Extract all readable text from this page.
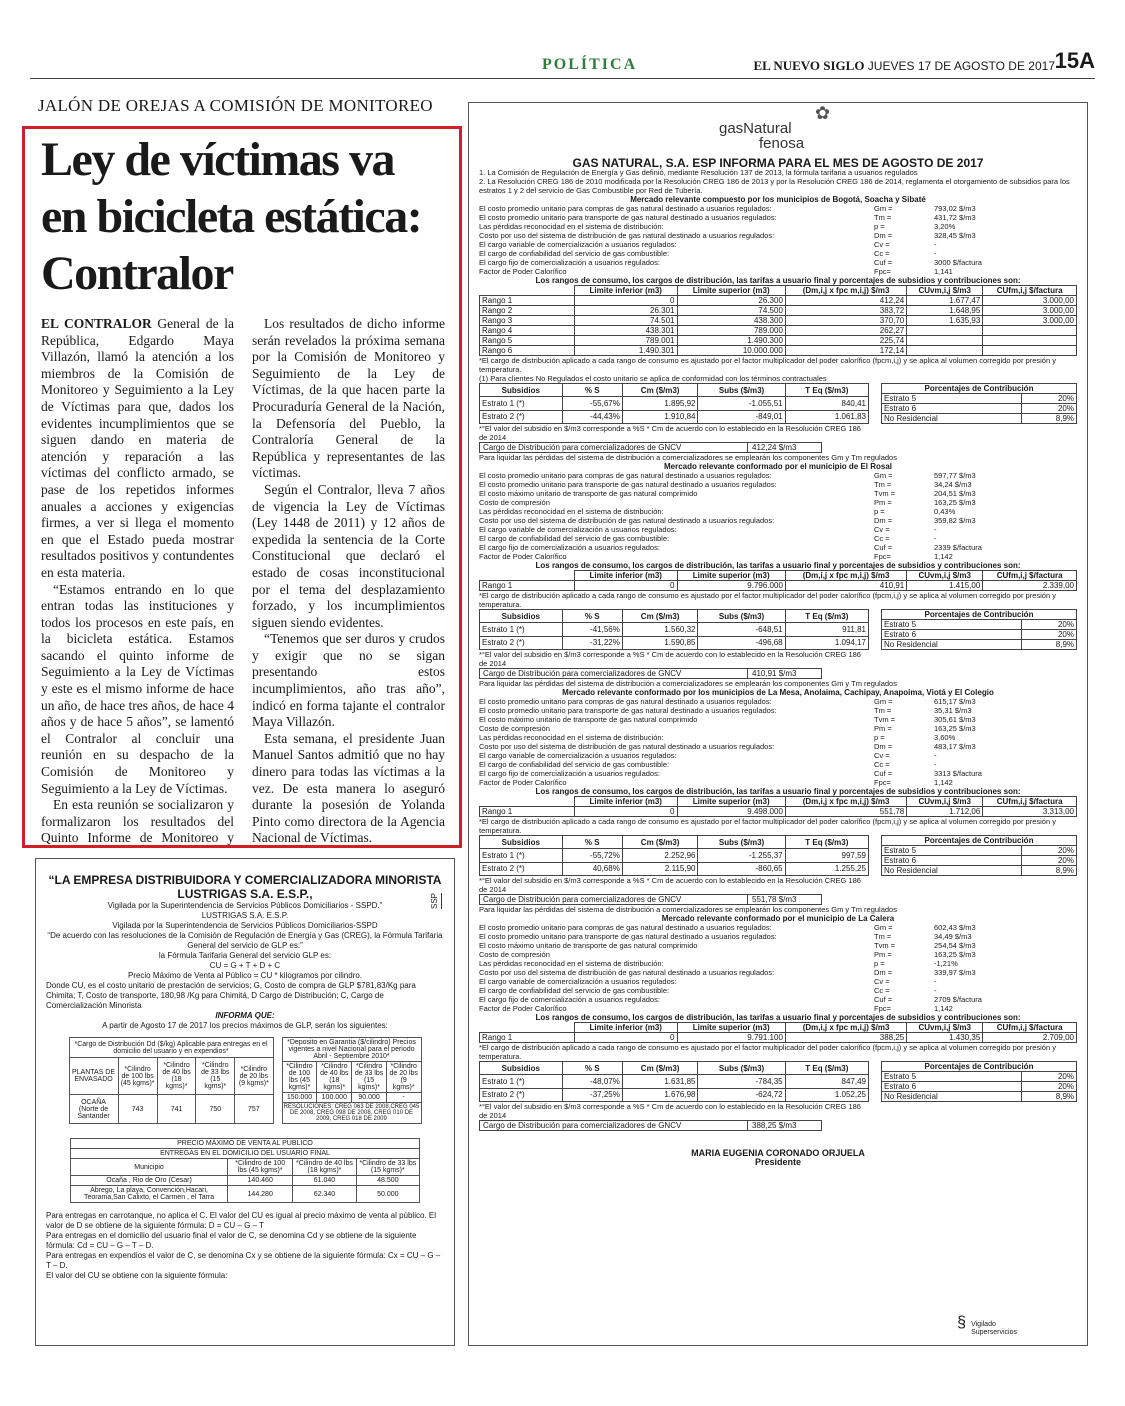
POLÍTICA	EL NUEVO SIGLO JUEVES 17 DE AGOSTO DE 2017 15A
JALÓN DE OREJAS A COMISIÓN DE MONITOREO
Ley de víctimas va en bicicleta estática: Contralor

EL CONTRALOR General de la República, Edgardo Maya Villazón, llamó la atención a los miembros de la Comisión de Monitoreo y Seguimiento a la Ley de Víctimas para que, dados los evidentes incumplimientos que se siguen dando en materia de atención y reparación a las víctimas del conflicto armado, se pase de los repetidos informes anuales a acciones y exigencias firmes, a ver si llega el momento en que el Estado pueda mostrar resultados positivos y contundentes en esta materia.

“Estamos entrando en lo que entran todas las instituciones y todos los procesos en este país, en la bicicleta estática. Estamos sacando el quinto informe de Seguimiento a la Ley de Víctimas y este es el mismo informe de hace un año, de hace tres años, de hace 4 años y de hace 5 años”, se lamentó el Contralor al concluir una reunión en su despacho de la Comisión de Monitoreo y Seguimiento a la Ley de Víctimas.

En esta reunión se socializaron y formalizaron los resultados del Quinto Informe de Monitoreo y

Los resultados de dicho informe serán revelados la próxima semana por la Comisión de Monitoreo y Seguimiento de la Ley de Víctimas, de la que hacen parte la Procuraduría General de la Nación, la Defensoría del Pueblo, la Contraloría General de la República y representantes de las víctimas.

Según el Contralor, lleva 7 años de vigencia la Ley de Víctimas (Ley 1448 de 2011) y 12 años de expedida la sentencia de la Corte Constitucional que declaró el estado de cosas inconstitucional por el tema del desplazamiento forzado, y los incumplimientos siguen siendo evidentes.

“Tenemos que ser duros y crudos y exigir que no se sigan presentando estos incumplimientos, año tras año”, indicó en forma tajante el contralor Maya Villazón.

Esta semana, el presidente Juan Manuel Santos admitió que no hay dinero para todas las víctimas a la vez. De esta manera lo aseguró durante la posesión de Yolanda Pinto como directora de la Agencia Nacional de Víctimas.

SSP
“LA EMPRESA DISTRIBUIDORA Y COMERCIALIZADORA MINORISTA
LUSTRIGAS S.A. E.S.P.,
Vigilada por la Superintendencia de Servicios Públicos Domiciliarios - SSPD.”
LUSTRIGAS S.A. E.S.P.
Vigilada por la Superintendencia de Servicios Públicos Domiciliarios-SSPD
“De acuerdo con las resoluciones de la Comisión de Regulación de Energía y Gas (CREG), la Fórmula Tarifaria General del servicio de GLP es:”
la Fórmula Tarifaria General del servicio GLP es:
CU = G + T + D + C
Precio Máximo de Venta al Público = CU * kilogramos por cilindro.
Donde CU, es el costo unitario de prestación de servicios; G, Costo de compra de GLP $781,83/Kg para Chimita; T, Costo de transporte, 180,98 /Kg para Chimitá, D Cargo de Distribución; C, Cargo de Comercialización Minorista
INFORMA QUE:
A partir de Agosto 17 de 2017 los precios máximos de GLP, serán los siguientes:
*Cargo de Distribución Dd ($/kg) Aplicable para entregas en el domicilio del usuario y en expendios*				
PLANTAS DE ENVASADO	*Cilindro de 100 lbs (45 kgms)*	*Cilindro de 40 lbs (18 kgms)*	*Cilindro de 33 lbs (15 kgms)*	*Cilindro de 20 lbs (9 kgms)*
OCAÑA (Norte de Santander	743	741	750	757
*Deposito en Garantia ($/cilindro) Precios vigentes a nivel Nacional para el periodo Abril - Septiembre 2010*			
*Cilindro de 100 lbs (45 kgms)*	*Cilindro de 40 lbs (18 kgms)*	*Cilindro de 33 lbs (15 kgms)*	*Cilindro de 20 lbs (9 kgms)*
150.000	100.000	90.000	-
RESOLUCIONES: CREG 063 DE 2008,CREG 045 DE 2008, CREG 098 DE 2008, CREG 010 DE 2009, CREG 018 DE 2009
PRECIO MÁXIMO DE VENTA AL PÚBLICO			
ENTREGAS EN EL DOMICILIO DEL USUARIO FINAL			
Municipio	*Cilindro de 100 lbs (45 kgms)*	*Cilindro de 40 lbs (18 kgms)*	*Cilindro de 33 lbs (15 kgms)*
Ocaña , Rio de Oro (Cesar)	140.460	61.040	48.500
Abrego, La playa, Convención,Hacari, Teorama,San Calixto, el Carmen , el Tarra	144.280	62.340	50.000
Para entregas en carrotanque, no aplica el C. El valor del CU es igual al precio máximo de venta al público. El valor de D se obtiene de la siguiente fórmula: D = CU – G – T
Para entregas en el domicilio del usuario final el valor de C, se denomina Cd y se obtiene de la siguiente fórmula: Cd = CU – G – T – D.
Para entregas en expendios el valor de C, se denomina Cx y se obtiene de la siguiente fórmula: Cx = CU – G – T – D.
El valor del CU se obtiene con la siguiente fórmula:
✿
gasNatural
fenosa
GAS NATURAL, S.A. ESP INFORMA PARA EL MES DE AGOSTO DE 2017
1. La Comisión de Regulación de Energía y Gas definió, mediante Resolución 137 de 2013, la fórmula tarifaria a usuarios regulados
2. La Resolución CREG 186 de 2010 modificada por la Resolución CREG 186 de 2013 y por la Resolución CREG 186 de 2014, reglamenta el otorgamiento de subsidios para los estratos 1 y 2 del servicio de Gas Combustible por Red de Tubería.
Mercado relevante compuesto por los municipios de Bogotá, Soacha y Sibaté
El costo promedio unitario para compras de gas natural destinado a usuarios regulados:	Gm =	793,02 $/m3
El costo promedio unitario para transporte de gas natural destinado a usuarios regulados:	Tm =	431,72 $/m3
Las pérdidas reconocidad en el sistema de distribución:	p =	3,20%
Costo por uso del sistema de distribución de gas natural destinado a usuarios regulados:	Dm =	328,45 $/m3
El cargo variable de comercialización a usuarios regulados:	Cv =	-
El cargo de confiabilidad del servicio de gas combustible:	Cc =	-
El cargo fijo de comercialización a usuarios regulados:	Cuf =	3000 $/factura
Factor de Poder Calorífico	Fpc=	1,141
Los rangos de consumo, los cargos de distribución, las tarifas a usuario final y porcentajes de subsidios y contribuciones son:
	Limite inferior (m3)	Limite superior (m3)	(Dm,i,j x fpc m,i,j) $/m3	CUvm,i,j $/m3	CUfm,i,j $/factura
Rango 1	0	26.300	412,24	1.677,47	3.000,00
Rango 2	26.301	74.500	383,72	1.648,95	3.000,00
Rango 3	74.501	438.300	370,70	1.635,93	3.000,00
Rango 4	438.301	789.000	262,27		
Rango 5	789.001	1.490.300	225,74		
Rango 6	1.490.301	10.000.000	172,14		
*El cargo de distribución aplicado a cada rango de consumo es ajustado por el factor multiplicador del poder calorífico (fpcm,i,j) y se aplica al volumen corregido por presión y temperatura.
(1) Para clientes No Regulados el costo unitario se aplica de conformidad con los términos contractuales
Subsidios	% S	Cm ($/m3)	Subs ($/m3)	T Eq ($/m3)
Estrato 1 (*)	-55,67%	1.895,92	-1.055,51	840,41
Estrato 2 (*)	-44,43%	1.910,84	-849,01	1.061,83
Porcentajes de Contribución	
Estrato 5	20%
Estrato 6	20%
No Residencial	8,9%
*°El valor del subsidio en $/m3 corresponde a %S * Cm de acuerdo con lo establecido en la Resolución CREG 186 de 2014
Cargo de Distribución para comercializadores de GNCV	412,24 $/m3
Para liquidar las pérdidas del sistema de distribución a comercializadores se emplearán los componentes Gm y Tm regulados
Mercado relevante conformado por el municipio de El Rosal
El costo promedio unitario para compras de gas natural destinado a usuarios regulados:	Gm =	597,77 $/m3
El costo promedio unitario para transporte de gas natural destinado a usuarios regulados:	Tm =	34,24 $/m3
El costo máximo unitario de transporte de gas natural comprimido	Tvm =	204,51 $/m3
Costo de compresión	Pm =	163,25 $/m3
Las pérdidas reconocidad en el sistema de distribución:	p =	0,43%
Costo por uso del sistema de distribución de gas natural destinado a usuarios regulados:	Dm =	359,82 $/m3
El cargo variable de comercialización a usuarios regulados:	Cv =	-
El cargo de confiabilidad del servicio de gas combustible:	Cc =	-
El cargo fijo de comercialización a usuarios regulados:	Cuf =	2339 $/factura
Factor de Poder Calorífico	Fpc=	1,142
Los rangos de consumo, los cargos de distribución, las tarifas a usuario final y porcentajes de subsidios y contribuciones son:
	Limite inferior (m3)	Limite superior (m3)	(Dm,i,j x fpc m,i,j) $/m3	CUvm,i,j $/m3	CUfm,i,j $/factura
Rango 1	0	9.796.000	410,91	1.415,00	2.339,00
*El cargo de distribución aplicado a cada rango de consumo es ajustado por el factor multiplicador del poder calorífico (fpcm,i,j) y se aplica al volumen corregido por presión y temperatura.
Subsidios	% S	Cm ($/m3)	Subs ($/m3)	T Eq ($/m3)
Estrato 1 (*)	-41,56%	1.560,32	-648,51	911,81
Estrato 2 (*)	-31,22%	1.590,85	-496,68	1.094,17
Porcentajes de Contribución	
Estrato 5	20%
Estrato 6	20%
No Residencial	8,9%
*°El valor del subsidio en $/m3 corresponde a %S * Cm de acuerdo con lo establecido en la Resolución CREG 186 de 2014
Cargo de Distribución para comercializadores de GNCV	410,91 $/m3
Para liquidar las pérdidas del sistema de distribución a comercializadores se emplearán los componentes Gm y Tm regulados
Mercado relevante conformado por los municipios de La Mesa, Anolaima, Cachipay, Anapoima, Viotá y El Colegio
El costo promedio unitario para compras de gas natural destinado a usuarios regulados:	Gm =	615,17 $/m3
El costo promedio unitario para transporte de gas natural destinado a usuarios regulados:	Tm =	35,31 $/m3
El costo máximo unitario de transporte de gas natural comprimido	Tvm =	305,61 $/m3
Costo de compresión	Pm =	163,25 $/m3
Las pérdidas reconocidad en el sistema de distribución:	p =	3,60%
Costo por uso del sistema de distribución de gas natural destinado a usuarios regulados:	Dm =	483,17 $/m3
El cargo variable de comercialización a usuarios regulados:	Cv =	-
El cargo de confiabilidad del servicio de gas combustible:	Cc =	-
El cargo fijo de comercialización a usuarios regulados:	Cuf =	3313 $/factura
Factor de Poder Calorífico	Fpc=	1,142
Los rangos de consumo, los cargos de distribución, las tarifas a usuario final y porcentajes de subsidios y contribuciones son:
	Limite inferior (m3)	Limite superior (m3)	(Dm,i,j x fpc m,i,j) $/m3	CUvm,i,j $/m3	CUfm,i,j $/factura
Rango 1	0	9.498.000	551,78	1.712,06	3.313,00
*El cargo de distribución aplicado a cada rango de consumo es ajustado por el factor multiplicador del poder calorífico (fpcm,i,j) y se aplica al volumen corregido por presión y temperatura.
Subsidios	% S	Cm ($/m3)	Subs ($/m3)	T Eq ($/m3)
Estrato 1 (*)	-55,72%	2.252,96	-1.255,37	997,59
Estrato 2 (*)	40,68%	2.115,90	-860,65	1.255,25
Porcentajes de Contribución	
Estrato 5	20%
Estrato 6	20%
No Residencial	8,9%
*°El valor del subsidio en $/m3 corresponde a %S * Cm de acuerdo con lo establecido en la Resolución CREG 186 de 2014
Cargo de Distribución para comercializadores de GNCV	551,78 $/m3
Para liquidar las pérdidas del sistema de distribución a comercializadores se emplearán los componentes Gm y Tm regulados
Mercado relevante conformado por el municipio de La Calera
El costo promedio unitario para compras de gas natural destinado a usuarios regulados:	Gm =	602,43 $/m3
El costo promedio unitario para transporte de gas natural destinado a usuarios regulados:	Tm =	34,49 $/m3
El costo máximo unitario de transporte de gas natural comprimido	Tvm =	254,54 $/m3
Costo de compresión	Pm =	163,25 $/m3
Las pérdidas reconocidad en el sistema de distribución:	p =	-1,21%
Costo por uso del sistema de distribución de gas natural destinado a usuarios regulados:	Dm =	339,97 $/m3
El cargo variable de comercialización a usuarios regulados:	Cv =	-
El cargo de confiabilidad del servicio de gas combustible:	Cc =	-
El cargo fijo de comercialización a usuarios regulados:	Cuf =	2709 $/factura
Factor de Poder Calorífico	Fpc=	1,142
Los rangos de consumo, los cargos de distribución, las tarifas a usuario final y porcentajes de subsidios y contribuciones son:
	Limite inferior (m3)	Limite superior (m3)	(Dm,i,j x fpc m,i,j) $/m3	CUvm,i,j $/m3	CUfm,i,j $/factura
Rango 1	0	9.791.100	388,25	1.430,35	2.709,00
*El cargo de distribución aplicado a cada rango de consumo es ajustado por el factor multiplicador del poder calorífico (fpcm,i,j) y se aplica al volumen corregido por presión y temperatura.
Subsidios	% S	Cm ($/m3)	Subs ($/m3)	T Eq ($/m3)
Estrato 1 (*)	-48,07%	1.631,85	-784,35	847,49
Estrato 2 (*)	-37,25%	1.676,98	-624,72	1.052,25
Porcentajes de Contribución	
Estrato 5	20%
Estrato 6	20%
No Residencial	8,9%
*°El valor del subsidio en $/m3 corresponde a %S * Cm de acuerdo con lo establecido en la Resolución CREG 186 de 2014
Cargo de Distribución para comercializadores de GNCV	388,25 $/m3
MARIA EUGENIA CORONADO ORJUELA
Presidente
§ Vigilado
Superservicios
